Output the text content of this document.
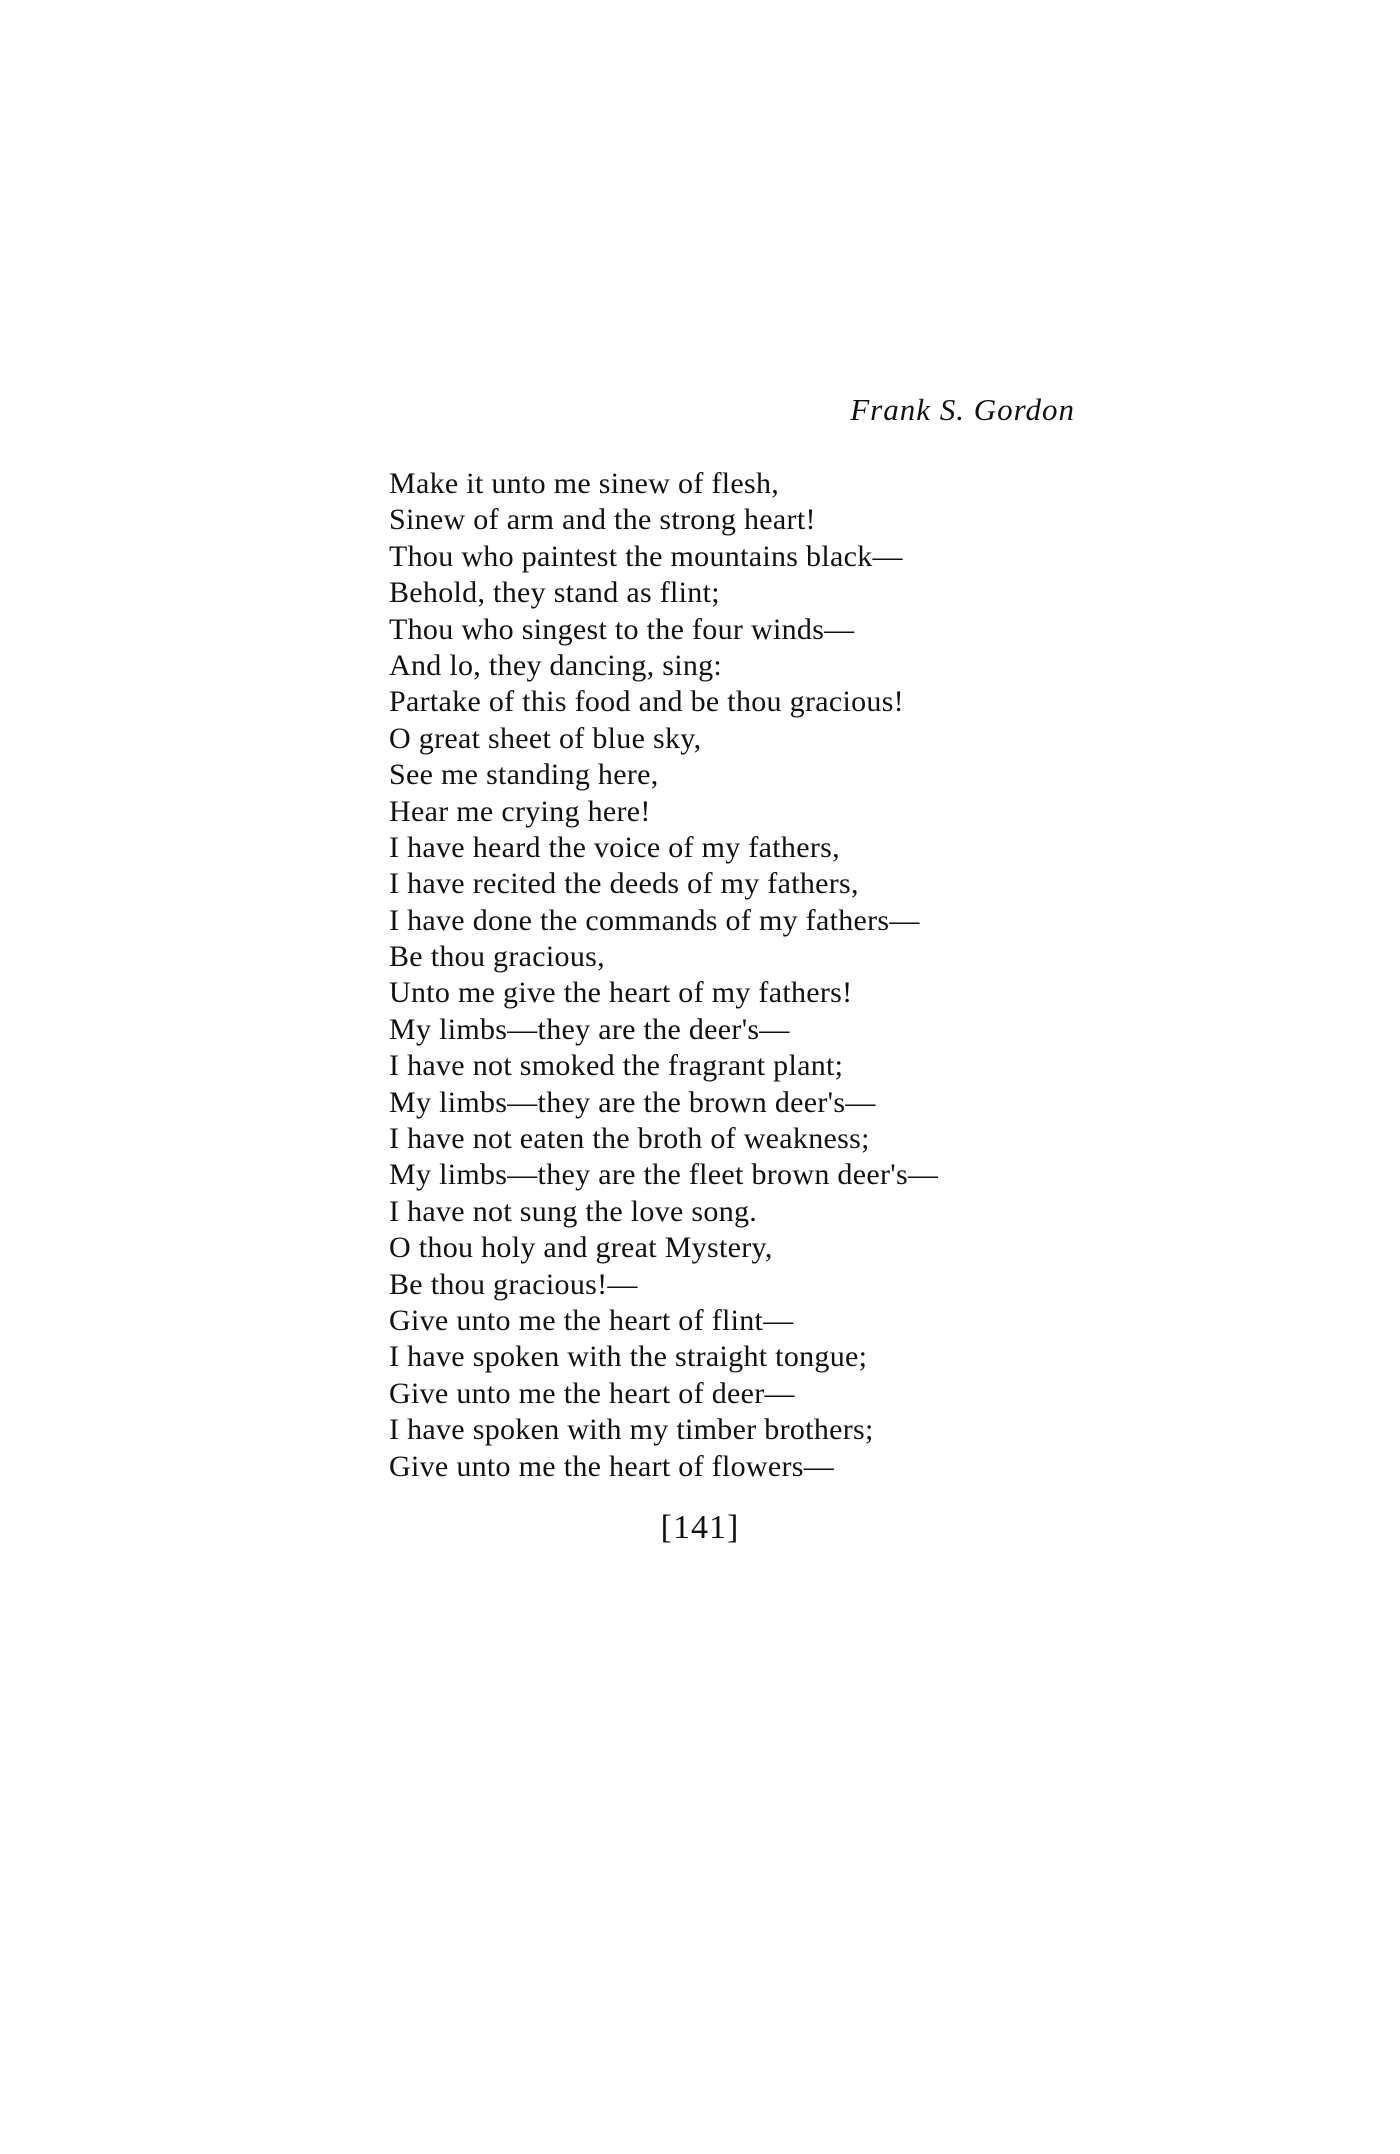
Frank S. Gordon
Make it unto me sinew of flesh,
Sinew of arm and the strong heart!
Thou who paintest the mountains black—
Behold, they stand as flint;
Thou who singest to the four winds—
And lo, they dancing, sing:
Partake of this food and be thou gracious!
O great sheet of blue sky,
See me standing here,
Hear me crying here!
I have heard the voice of my fathers,
I have recited the deeds of my fathers,
I have done the commands of my fathers—
Be thou gracious,
Unto me give the heart of my fathers!
My limbs—they are the deer's—
I have not smoked the fragrant plant;
My limbs—they are the brown deer's—
I have not eaten the broth of weakness;
My limbs—they are the fleet brown deer's—
I have not sung the love song.
O thou holy and great Mystery,
Be thou gracious!—
Give unto me the heart of flint—
I have spoken with the straight tongue;
Give unto me the heart of deer—
I have spoken with my timber brothers;
Give unto me the heart of flowers—
[141]
